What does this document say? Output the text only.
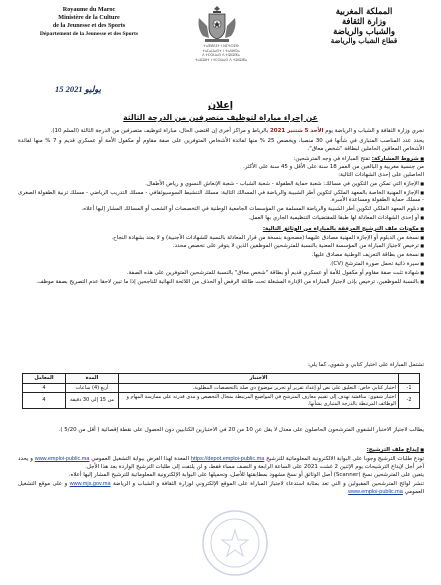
Royaume du Maroc
Ministère de la Culture
de la Jeunesse et des Sports
Département de la Jeunesse et des Sports
ⵜⴰⴳⵍⴷⵉⵜ ⵏ ⵍⵎⵖⵔⵉⴱ
ⵜⴰⵎⴰⵡⴰⵙⵜ ⵏ ⵜⴰⴷⵍⵙⴰ
ⴷ ⵜⵎⵔⵡⴰⵙ ⴷ ⵜⵓⵏⵏⵓⵏⴳⴰ
ⵜⴰⵣⵓⵍⵜ ⵏ ⵜⵎⵔⵡⴰⵙ ⴷ ⵜⵓⵏⵏⵓⵏⴳⴰ
المملكة المغربية
وزارة الثقافة
والشباب والرياضة
قطاع الشباب والرياضة
15 يوليو 2021
إعلان
عن إجراء مباراة لتوظيف متصرفين من الدرجة الثالثة
تجري وزارة الثقافة و الشباب و الرياضة يوم الأحد 5 شتنبر 2021 بالرباط و مراكز أخرى إن اقتضى الحال، مباراة لتوظيف متصرفين من الدرجة الثالثة (السلم 10).
يحدد عدد المناصب المتبارى في شأنها في 30 منصبا، ويخصص 25 % منها لفائدة الأشخاص المتوفرين على صفة مقاوم أو مكفول الأمة أو عسكري قديم و 7 % منها لفائدة الأشخاص المعاقين الحاملين لبطاقة "شخص معاق".
■ شروط المشاركة: تفتح المباراة في وجه المترشحين:
من جنسية مغربية و البالغين من العمر 18 سنة على الأقل و 45 سنة على الأكثر.
الحاصلين على إحدى الشهادات التالية:
■ الإجازة التي تمكن من التكوين في مسالك: شعبة حماية الطفولة - شعبة الشباب - شعبة الإنعاش النسوي و رياض الأطفال.
■ الإجازة المهنية الخاصة بالمعهد الملكي لتكوين أطر الشبيبة والرياضة في المسالك التالية: مسلك التنشيط السوسيوثقافي - مسلك التدريب الرياضي - مسلك تربية الطفولة الصغرى - مسلك حماية الطفولة ومساعدة الأسرة.
■ دبلوم المعهد الملكي لتكوين أطر الشبيبة والرياضة المسلمة من المؤسسات الجامعية الوطنية في التخصصات أو الشعب أو المسالك المشار إليها أعلاه.
■ أو إحدى الشهادات المعادلة لها طبقا للمقتضيات التنظيمية الجاري بها العمل.
■ مكونات ملف الترشيح المرفقة بالمباراة من الوثائق التالية:
■ نسخة من الدبلوم أو الإجازة المهنية مصادق عليهما (مصحوبة بنسخة من قرار المعادلة بالنسبة للشهادات الأجنبية) و لا يعتد بشهادة النجاح.
■ ترخيص لاجتياز المباراة من المؤسسة المعنية بالنسبة للمترشحين الموظفين الذين لا يتوفر على تخصص محدد.
■ نسخة من بطاقة التعريف الوطنية مصادق عليها.
■ سيرة ذاتية تحمل صورة المترشح (CV).
■ شهادة تثبت صفة مقاوم أو مكفول للأمة أو عسكري قديم أو بطاقة "شخص معاق" بالنسبة للمترشحين المتوفرين على هذه الصفة.
■ بالنسبة للموظفين، ترخيص بإذن لاجتياز المباراة من الإدارة المشغلة تحت طائلة الرفض أو الحذف من اللائحة النهائية للناجحين إذا ما تبين لاحقا عدم التصريح بصفة موظف.
تشتمل المباراة على اختبار كتابي و شفوي، كما يلي:
	الاختبار	المدة	المعامل
1-	اختبار كتابي خاص: التعليق على نص أو إعداد تقرير أو تحرير موضوع ذي صلة بالتخصصات المطلوبة.	أربع (4) ساعات	4
2-	اختبار شفوي: مناقشة تهدف إلى تقييم معارف المترشح في المواضيع المرتبطة بمجال التخصص و مدى قدرته على ممارسة المهام و الوظائف المرتبطة بالدرجة المتبارى بشأنها.	من 15 إلى 30 دقيقة	4
يطالب لاجتياز الاختبار الشفوي المترشحون الحاصلون على معدل لا يقل عن 10 من 20 في الاختبارين الكتابيين دون الحصول على نقطة إقصائية ( أقل من 5/20 ).
■ إيداع ملف الترشيح:
تودع طلبات الترشيح وجوبا على البوابة الالكترونية المعلوماتية للترشيح https://depot.emploi-public.ma المعدة لهذا الغرض ببوابة التشغيل العمومي www.emploi-public.ma و يحدد آخر أجل لإيداع الترشيحات يوم الإثنين 2 غشت 2021 على الساعة الرابعة و النصف مساء فقط، و لن يلتفت إلى طلبات الترشيح الواردة بعد هذا الأجل.
يتعين على المترشحين نسخ (Scanner) أصل الوثائق أو نسخ مشهود بمطابقتها للأصل، وتحميلها على البوابة الإلكترونية المعلوماتية للترشيح المشار إليها أعلاه.
تنشر لوائح المترشحين المقبولين و التي تعد بمثابة استدعاء لاجتياز المباراة على الموقع الإلكتروني لوزارة الثقافة و الشباب و الرياضة www.mjs.gov.ma و على موقع التشغيل العمومي www.emploi-public.ma
